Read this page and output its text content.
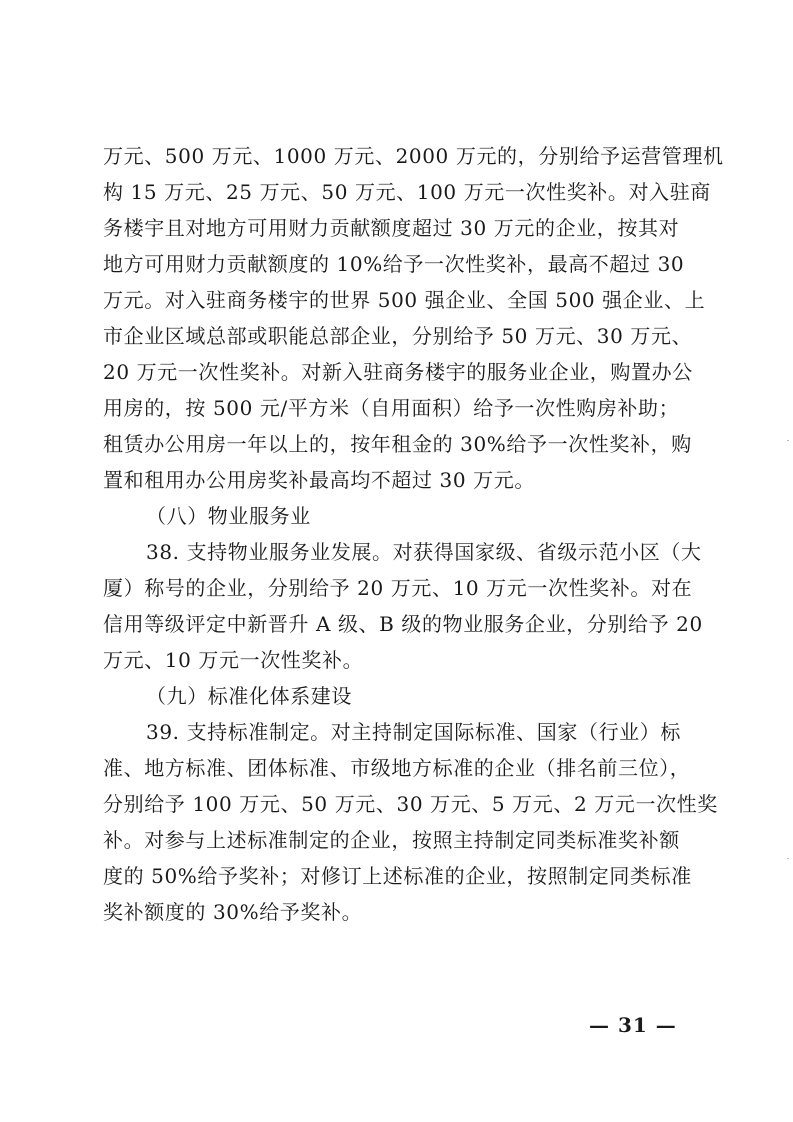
万元、500 万元、1000 万元、2000 万元的，分别给予运营管理机
构 15 万元、25 万元、50 万元、100 万元一次性奖补。对入驻商
务楼宇且对地方可用财力贡献额度超过 30 万元的企业，按其对
地方可用财力贡献额度的 10%给予一次性奖补，最高不超过 30
万元。对入驻商务楼宇的世界 500 强企业、全国 500 强企业、上
市企业区域总部或职能总部企业，分别给予 50 万元、30 万元、
20 万元一次性奖补。对新入驻商务楼宇的服务业企业，购置办公
用房的，按 500 元/平方米（自用面积）给予一次性购房补助；
租赁办公用房一年以上的，按年租金的 30%给予一次性奖补，购
置和租用办公用房奖补最高均不超过 30 万元。
（八）物业服务业
38. 支持物业服务业发展。对获得国家级、省级示范小区（大
厦）称号的企业，分别给予 20 万元、10 万元一次性奖补。对在
信用等级评定中新晋升 A 级、B 级的物业服务企业，分别给予 20
万元、10 万元一次性奖补。
（九）标准化体系建设
39. 支持标准制定。对主持制定国际标准、国家（行业）标
准、地方标准、团体标准、市级地方标准的企业（排名前三位），
分别给予 100 万元、50 万元、30 万元、5 万元、2 万元一次性奖
补。对参与上述标准制定的企业，按照主持制定同类标准奖补额
度的 50%给予奖补；对修订上述标准的企业，按照制定同类标准
奖补额度的 30%给予奖补。
— 31 —
